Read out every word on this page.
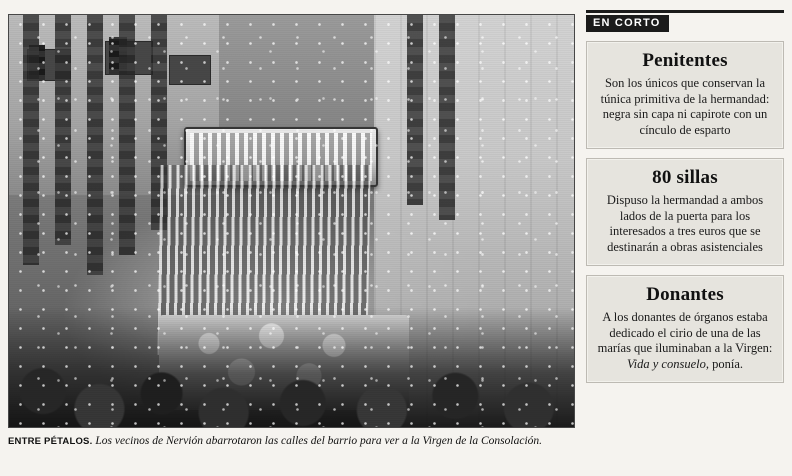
ENTRE PÉTALOS. Los vecinos de Nervión abarrotaron las calles del barrio para ver a la Virgen de la Consolación.
EN CORTO
Penitentes

Son los únicos que conservan la túnica primitiva de la hermandad: negra sin capa ni capirote con un cínculo de esparto

80 sillas

Dispuso la hermandad a ambos lados de la puerta para los interesados a tres euros que se destinarán a obras asistenciales

Donantes

A los donantes de órganos estaba dedicado el cirio de una de las marías que iluminaban a la Virgen: Vida y consuelo, ponía.
